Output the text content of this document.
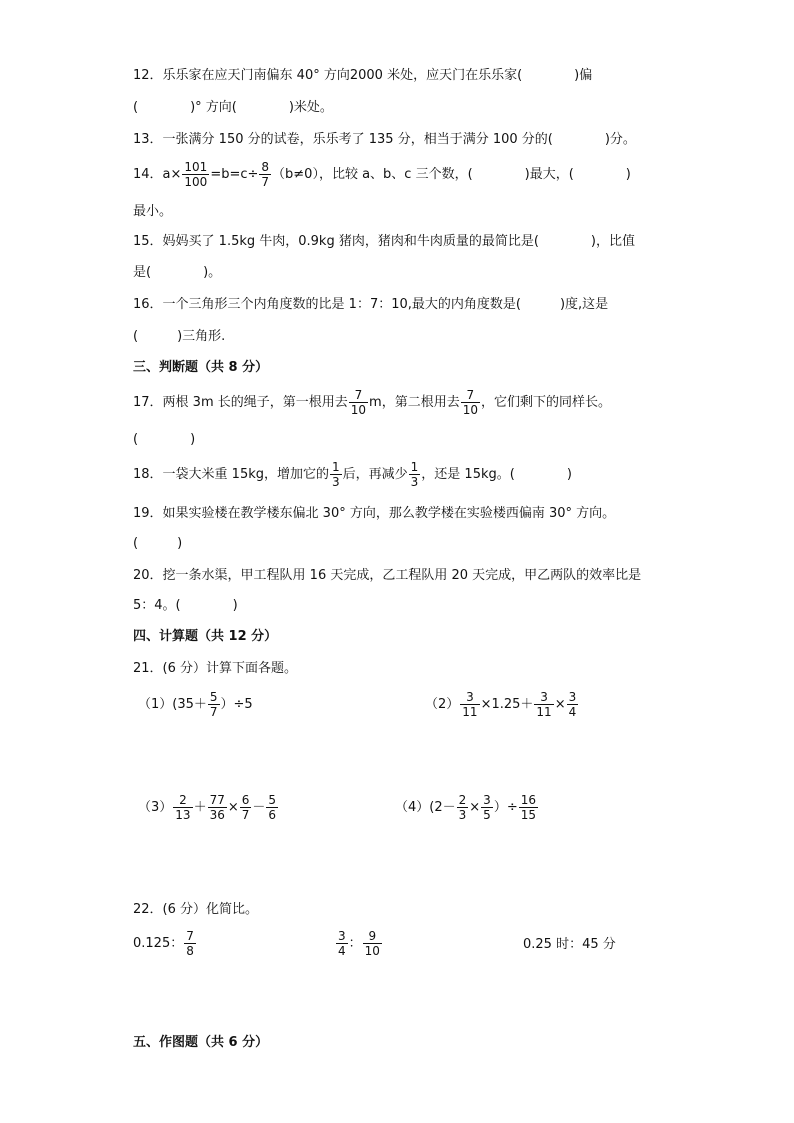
12．乐乐家在应天门南偏东 40° 方向2000 米处，应天门在乐乐家(　　　　)偏
(　　　　)° 方向(　　　　)米处。
13．一张满分 150 分的试卷，乐乐考了 135 分，相当于满分 100 分的(　　　　)分。
14．$a\times \frac{101}{100} =b=c\div \frac{8}{7} (b\ne 0)$，比较 a、b、c 三个数，(　　　　)最大，(　　　　)
最小。
15．妈妈买了 1.5kg 牛肉，0.9kg 猪肉，猪肉和牛肉质量的最简比是(　　　　)，比值
是(　　　　)。
16．一个三角形三个内角度数的比是 1：7：10,最大的内角度数是(　　　)度,这是
(　　　)三角形.
三、判断题（共 8 分）
17．两根 3m 长的绳子，第一根用去 $\frac{7}{10}$ m，第二根用去 $\frac{7}{10}$ ，它们剩下的同样长。
(　　　　)
18．一袋大米重 15kg，增加它的 $\frac{1}{3}$ 后，再减少 $\frac{1}{3}$ ，还是 15kg。(　　　　)
19．如果实验楼在教学楼东偏北 30° 方向，那么教学楼在实验楼西偏南 30° 方向。
(　　　)
20．挖一条水渠，甲工程队用 16 天完成，乙工程队用 20 天完成，甲乙两队的效率比是
5：4。(　　　　)
四、计算题（共 12 分）
21．(6 分）计算下面各题。
$(1)(35+ \frac{5}{7} )\div 5$	$(2) \frac{3}{11} \times 1.25+ \frac{3}{11} \times \frac{3}{4}$
$(3) \frac{2}{13} + \frac{77}{36} \times \frac{6}{7} - \frac{5}{6}$	$(4)(2- \frac{2}{3} \times \frac{3}{5}$ ）÷ $\frac{16}{15}$
22．(6 分）化简比。
0.125： $\frac{7}{8}$	$\frac{3}{4}$ ： $\frac{9}{10}$	0.25 时：45 分
五、作图题（共 6 分）
